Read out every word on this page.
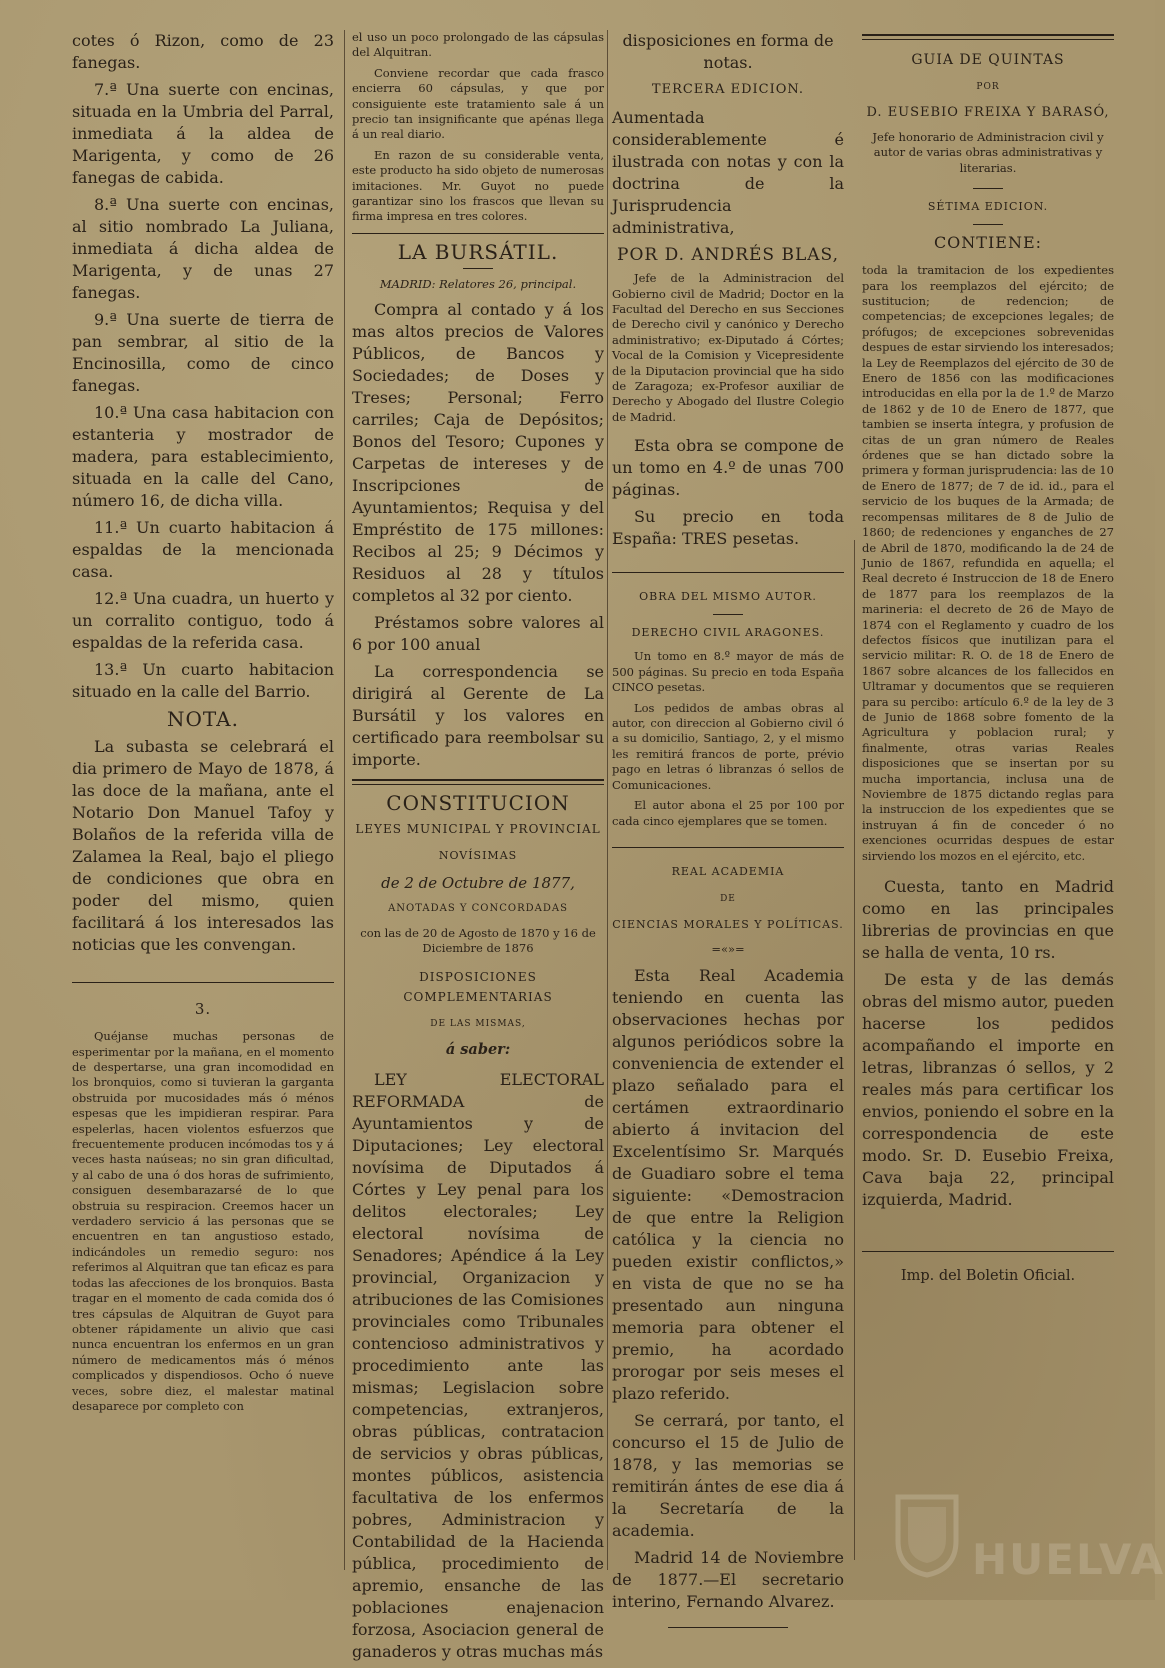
cotes ó Rizon, como de 23 fanegas.

7.ª Una suerte con encinas, situada en la Umbria del Parral, inmediata á la aldea de Marigenta, y como de 26 fanegas de cabida.

8.ª Una suerte con encinas, al sitio nombrado La Juliana, inmediata á dicha aldea de Marigenta, y de unas 27 fanegas.

9.ª Una suerte de tierra de pan sembrar, al sitio de la Encinosilla, como de cinco fanegas.

10.ª Una casa habitacion con estanteria y mostrador de madera, para establecimiento, situada en la calle del Cano, número 16, de dicha villa.

11.ª Un cuarto habitacion á espaldas de la mencionada casa.

12.ª Una cuadra, un huerto y un corralito contiguo, todo á espaldas de la referida casa.

13.ª Un cuarto habitacion situado en la calle del Barrio.

NOTA.

La subasta se celebrará el dia primero de Mayo de 1878, á las doce de la mañana, ante el Notario Don Manuel Tafoy y Bolaños de la referida villa de Zalamea la Real, bajo el pliego de condiciones que obra en poder del mismo, quien facilitará á los interesados las noticias que les convengan.

3.

Quéjanse muchas personas de esperimentar por la mañana, en el momento de despertarse, una gran incomodidad en los bronquios, como si tuvieran la garganta obstruida por mucosidades más ó ménos espesas que les impidieran respirar. Para espelerlas, hacen violentos esfuerzos que frecuentemente producen incómodas tos y á veces hasta naúseas; no sin gran dificultad, y al cabo de una ó dos horas de sufrimiento, consiguen desembarazarsé de lo que obstruia su respiracion. Creemos hacer un verdadero servicio á las personas que se encuentren en tan angustioso estado, indicándoles un remedio seguro: nos referimos al Alquitran que tan eficaz es para todas las afecciones de los bronquios. Basta tragar en el momento de cada comida dos ó tres cápsulas de Alquitran de Guyot para obtener rápidamente un alivio que casi nunca encuentran los enfermos en un gran número de medicamentos más ó ménos complicados y dispendiosos. Ocho ó nueve veces, sobre diez, el malestar matinal desaparece por completo con

el uso un poco prolongado de las cápsulas del Alquitran.

Conviene recordar que cada frasco encierra 60 cápsulas, y que por consiguiente este tratamiento sale á un precio tan insignificante que apénas llega á un real diario.

En razon de su considerable venta, este producto ha sido objeto de numerosas imitaciones. Mr. Guyot no puede garantizar sino los frascos que llevan su firma impresa en tres colores.

LA BURSÁTIL.
MADRID: Relatores 26, principal.

Compra al contado y á los mas altos precios de Valores Públicos, de Bancos y Sociedades; de Doses y Treses; Personal; Ferro carriles; Caja de Depósitos; Bonos del Tesoro; Cupones y Carpetas de intereses y de Inscripciones de Ayuntamientos; Requisa y del Empréstito de 175 millones: Recibos al 25; 9 Décimos y Residuos al 28 y títulos completos al 32 por ciento.

Préstamos sobre valores al 6 por 100 anual

La correspondencia se dirigirá al Gerente de La Bursátil y los valores en certificado para reembolsar su importe.

CONSTITUCION
LEYES MUNICIPAL Y PROVINCIAL
NOVÍSIMAS
de 2 de Octubre de 1877,
ANOTADAS Y CONCORDADAS
con las de 20 de Agosto de 1870 y 16 de Diciembre de 1876
DISPOSICIONES COMPLEMENTARIAS
DE LAS MISMAS,
á saber:

LEY ELECTORAL REFORMADA de Ayuntamientos y de Diputaciones; Ley electoral novísima de Diputados á Córtes y Ley penal para los delitos electorales; Ley electoral novísima de Senadores; Apéndice á la Ley provincial, Organizacion y atribuciones de las Comisiones provinciales como Tribunales contencioso administrativos y procedimiento ante las mismas; Legislacion sobre competencias, extranjeros, obras públicas, contratacion de servicios y obras públicas, montes públicos, asistencia facultativa de los enfermos pobres, Administracion y Contabilidad de la Hacienda pública, procedimiento de apremio, ensanche de las poblaciones enajenacion forzosa, Asociacion general de ganaderos y otras muchas más

disposiciones en forma de notas.

TERCERA EDICION.

Aumentada considerablemente é ilustrada con notas y con la doctrina de la Jurisprudencia administrativa,

POR D. ANDRÉS BLAS,

Jefe de la Administracion del Gobierno civil de Madrid; Doctor en la Facultad del Derecho en sus Secciones de Derecho civil y canónico y Derecho administrativo; ex-Diputado á Córtes; Vocal de la Comision y Vicepresidente de la Diputacion provincial que ha sido de Zaragoza; ex-Profesor auxiliar de Derecho y Abogado del Ilustre Colegio de Madrid.

Esta obra se compone de un tomo en 4.º de unas 700 páginas.

Su precio en toda España: TRES pesetas.

OBRA DEL MISMO AUTOR.
DERECHO CIVIL ARAGONES.

Un tomo en 8.º mayor de más de 500 páginas. Su precio en toda España CINCO pesetas.

Los pedidos de ambas obras al autor, con direccion al Gobierno civil ó a su domicilio, Santiago, 2, y el mismo les remitirá francos de porte, prévio pago en letras ó libranzas ó sellos de Comunicaciones.

El autor abona el 25 por 100 por cada cinco ejemplares que se tomen.

REAL ACADEMIA
DE
CIENCIAS MORALES Y POLÍTICAS.
=«»=

Esta Real Academia teniendo en cuenta las observaciones hechas por algunos periódicos sobre la conveniencia de extender el plazo señalado para el certámen extraordinario abierto á invitacion del Excelentísimo Sr. Marqués de Guadiaro sobre el tema siguiente: «Demostracion de que entre la Religion católica y la ciencia no pueden existir conflictos,» en vista de que no se ha presentado aun ninguna memoria para obtener el premio, ha acordado prorogar por seis meses el plazo referido.

Se cerrará, por tanto, el concurso el 15 de Julio de 1878, y las memorias se remitirán ántes de ese dia á la Secretaría de la academia.

Madrid 14 de Noviembre de 1877.—El secretario interino, Fernando Alvarez.

GUIA DE QUINTAS
POR
D. EUSEBIO FREIXA Y BARASÓ,
Jefe honorario de Administracion civil y autor de varias obras administrativas y literarias.
SÉTIMA EDICION.
CONTIENE:

toda la tramitacion de los expedientes para los reemplazos del ejército; de sustitucion; de redencion; de competencias; de excepciones legales; de prófugos; de excepciones sobrevenidas despues de estar sirviendo los interesados; la Ley de Reemplazos del ejército de 30 de Enero de 1856 con las modificaciones introducidas en ella por la de 1.º de Marzo de 1862 y de 10 de Enero de 1877, que tambien se inserta íntegra, y profusion de citas de un gran número de Reales órdenes que se han dictado sobre la primera y forman jurisprudencia: las de 10 de Enero de 1877; de 7 de id. id., para el servicio de los buques de la Armada; de recompensas militares de 8 de Julio de 1860; de redenciones y enganches de 27 de Abril de 1870, modificando la de 24 de Junio de 1867, refundida en aquella; el Real decreto é Instruccion de 18 de Enero de 1877 para los reemplazos de la marineria: el decreto de 26 de Mayo de 1874 con el Reglamento y cuadro de los defectos físicos que inutilizan para el servicio militar: R. O. de 18 de Enero de 1867 sobre alcances de los fallecidos en Ultramar y documentos que se requieren para su percibo: artículo 6.º de la ley de 3 de Junio de 1868 sobre fomento de la Agricultura y poblacion rural; y finalmente, otras varias Reales disposiciones que se insertan por su mucha importancia, inclusa una de Noviembre de 1875 dictando reglas para la instruccion de los expedientes que se instruyan á fin de conceder ó no exenciones ocurridas despues de estar sirviendo los mozos en el ejército, etc.

Cuesta, tanto en Madrid como en las principales librerias de provincias en que se halla de venta, 10 rs.

De esta y de las demás obras del mismo autor, pueden hacerse los pedidos acompañando el importe en letras, libranzas ó sellos, y 2 reales más para certificar los envios, poniendo el sobre en la correspondencia de este modo. Sr. D. Eusebio Freixa, Cava baja 22, principal izquierda, Madrid.

Imp. del Boletin Oficial.
HUELVA
